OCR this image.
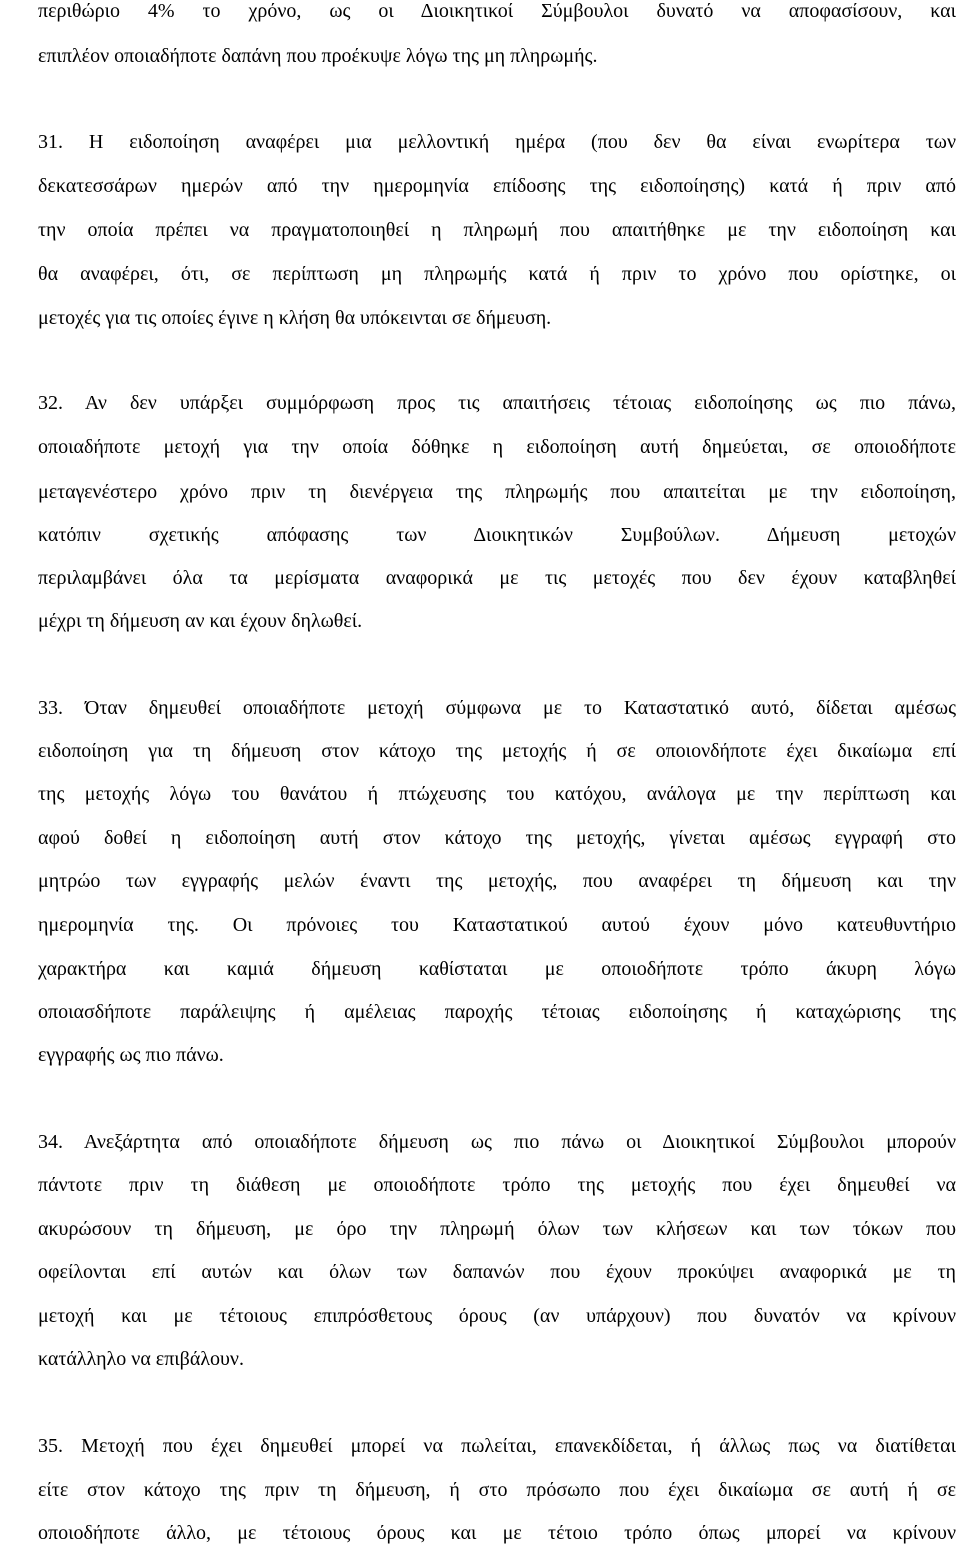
περιθώριο 4% το χρόνο, ως οι Διοικητικοί Σύμβουλοι δυνατό να αποφασίσουν, και

επιπλέον οποιαδήποτε δαπάνη που προέκυψε λόγω της μη πληρωμής.

31. Η ειδοποίηση αναφέρει μια μελλοντική ημέρα (που δεν θα είναι ενωρίτερα των

δεκατεσσάρων ημερών από την ημερομηνία επίδοσης της ειδοποίησης) κατά ή πριν από

την οποία πρέπει να πραγματοποιηθεί η πληρωμή που απαιτήθηκε με την ειδοποίηση και

θα αναφέρει, ότι, σε περίπτωση μη πληρωμής κατά ή πριν το χρόνο που ορίστηκε, οι

μετοχές για τις οποίες έγινε η κλήση θα υπόκεινται σε δήμευση.

32. Αν δεν υπάρξει συμμόρφωση προς τις απαιτήσεις τέτοιας ειδοποίησης ως πιο πάνω,

οποιαδήποτε μετοχή για την οποία δόθηκε η ειδοποίηση αυτή δημεύεται, σε οποιοδήποτε

μεταγενέστερο χρόνο πριν τη διενέργεια της πληρωμής που απαιτείται με την ειδοποίηση,

κατόπιν σχετικής απόφασης των Διοικητικών Συμβούλων. Δήμευση μετοχών

περιλαμβάνει όλα τα μερίσματα αναφορικά με τις μετοχές που δεν έχουν καταβληθεί

μέχρι τη δήμευση αν και έχουν δηλωθεί.

33. Όταν δημευθεί οποιαδήποτε μετοχή σύμφωνα με το Καταστατικό αυτό, δίδεται αμέσως

ειδοποίηση για τη δήμευση στον κάτοχο της μετοχής ή σε οποιονδήποτε έχει δικαίωμα επί

της μετοχής λόγω του θανάτου ή πτώχευσης του κατόχου, ανάλογα με την περίπτωση και

αφού δοθεί η ειδοποίηση αυτή στον κάτοχο της μετοχής, γίνεται αμέσως εγγραφή στο

μητρώο των εγγραφής μελών έναντι της μετοχής, που αναφέρει τη δήμευση και την

ημερομηνία της. Οι πρόνοιες του Καταστατικού αυτού έχουν μόνο κατευθυντήριο

χαρακτήρα και καμιά δήμευση καθίσταται με οποιοδήποτε τρόπο άκυρη λόγω

οποιασδήποτε παράλειψης ή αμέλειας παροχής τέτοιας ειδοποίησης ή καταχώρισης της

εγγραφής ως πιο πάνω.

34. Ανεξάρτητα από οποιαδήποτε δήμευση ως πιο πάνω οι Διοικητικοί Σύμβουλοι μπορούν

πάντοτε πριν τη διάθεση με οποιοδήποτε τρόπο της μετοχής που έχει δημευθεί να

ακυρώσουν τη δήμευση, με όρο την πληρωμή όλων των κλήσεων και των τόκων που

οφείλονται επί αυτών και όλων των δαπανών που έχουν προκύψει αναφορικά με τη

μετοχή και με τέτοιους επιπρόσθετους όρους (αν υπάρχουν) που δυνατόν να κρίνουν

κατάλληλο να επιβάλουν.

35. Μετοχή που έχει δημευθεί μπορεί να πωλείται, επανεκδίδεται, ή άλλως πως να διατίθεται

είτε στον κάτοχο της πριν τη δήμευση, ή στο πρόσωπο που έχει δικαίωμα σε αυτή ή σε

οποιοδήποτε άλλο, με τέτοιους όρους και με τέτοιο τρόπο όπως μπορεί να κρίνουν
